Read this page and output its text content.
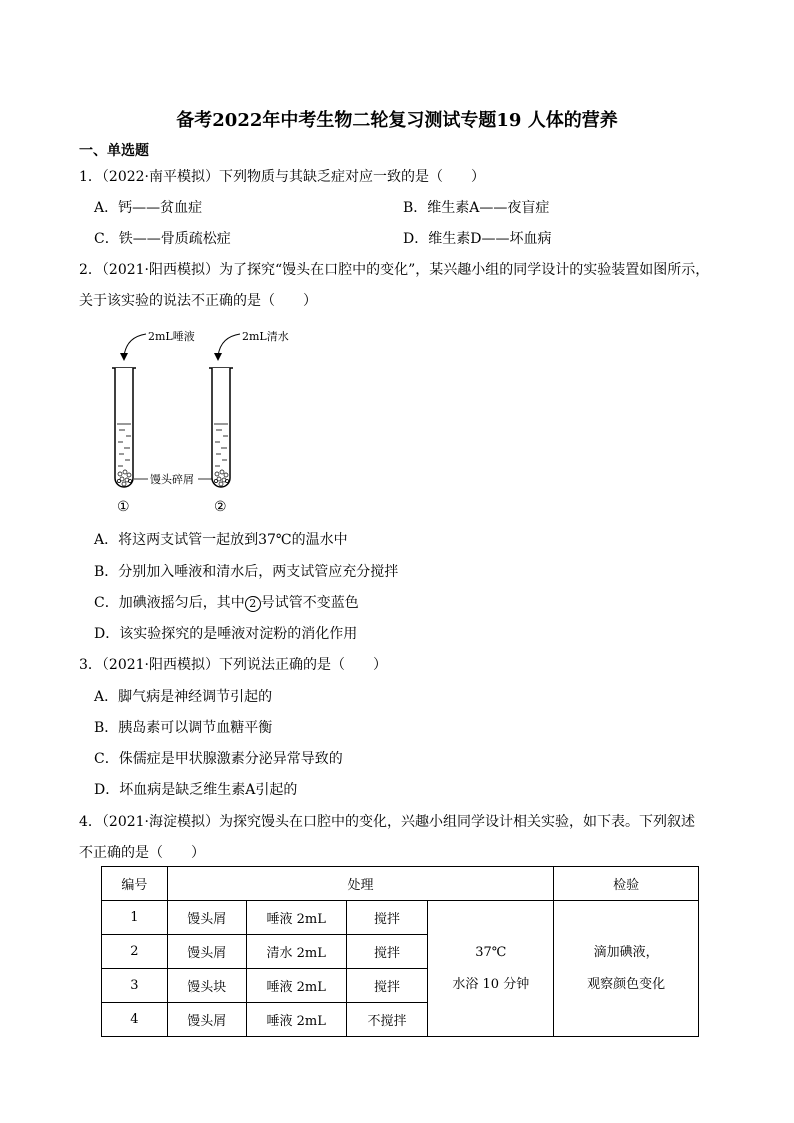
备考2022年中考生物二轮复习测试专题19 人体的营养
一、单选题
1．（2022·南平模拟）下列物质与其缺乏症对应一致的是（　　）
A．钙——贫血症	B．维生素A——夜盲症
C．铁——骨质疏松症	D．维生素D——坏血病
2．（2021·阳西模拟）为了探究“馒头在口腔中的变化”，某兴趣小组的同学设计的实验装置如图所示，
关于该实验的说法不正确的是（　　）
2mL唾液	2mL清水
馒头碎屑
①	②
A．将这两支试管一起放到37℃的温水中
B．分别加入唾液和清水后，两支试管应充分搅拌
C．加碘液摇匀后，其中 2 号试管不变蓝色
D．该实验探究的是唾液对淀粉的消化作用
3．（2021·阳西模拟）下列说法正确的是（　　）
A．脚气病是神经调节引起的
B．胰岛素可以调节血糖平衡
C．侏儒症是甲状腺激素分泌异常导致的
D．坏血病是缺乏维生素A引起的
4．（2021·海淀模拟）为探究馒头在口腔中的变化，兴趣小组同学设计相关实验，如下表。下列叙述
不正确的是（　　）
编号	处理				检验
1	馒头屑	唾液 2mL	搅拌	37℃
水浴 10 分钟	滴加碘液，
观察颜色变化
2	馒头屑	清水 2mL	搅拌		
3	馒头块	唾液 2mL	搅拌		
4	馒头屑	唾液 2mL	不搅拌		
